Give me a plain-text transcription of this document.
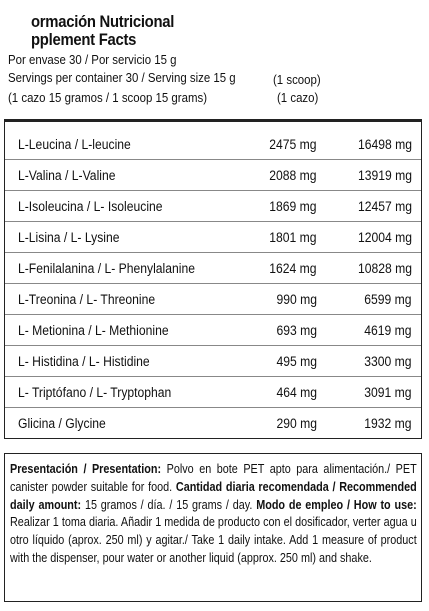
ormación Nutricional
pplement Facts
Por envase 30 / Por servicio 15 g
Servings per container 30 / Serving size 15 g
(1 cazo 15 gramos / 1 scoop 15 grams)
(1 scoop)
(1 cazo)
L-Leucina / L-leucine	2475 mg	16498 mg
L-Valina / L-Valine	2088 mg	13919 mg
L-Isoleucina / L- Isoleucine	1869 mg	12457 mg
L-Lisina / L- Lysine	1801 mg	12004 mg
L-Fenilalanina / L- Phenylalanine	1624 mg	10828 mg
L-Treonina / L- Threonine	990 mg	6599 mg
L- Metionina / L- Methionine	693 mg	4619 mg
L- Histidina / L- Histidine	495 mg	3300 mg
L- Triptófano / L- Tryptophan	464 mg	3091 mg
Glicina / Glycine	290 mg	1932 mg
Presentación / Presentation: Polvo en bote PET apto para alimentación./ PET canister powder suitable for food. Cantidad diaria recomendada / Recommended daily amount: 15 gramos / día. / 15 grams / day. Modo de empleo / How to use: Realizar 1 toma diaria. Añadir 1 medida de producto con el dosificador, verter agua u otro líquido (aprox. 250 ml) y agitar./ Take 1 daily intake. Add 1 measure of product with the dispenser, pour water or another liquid (approx. 250 ml) and shake.
